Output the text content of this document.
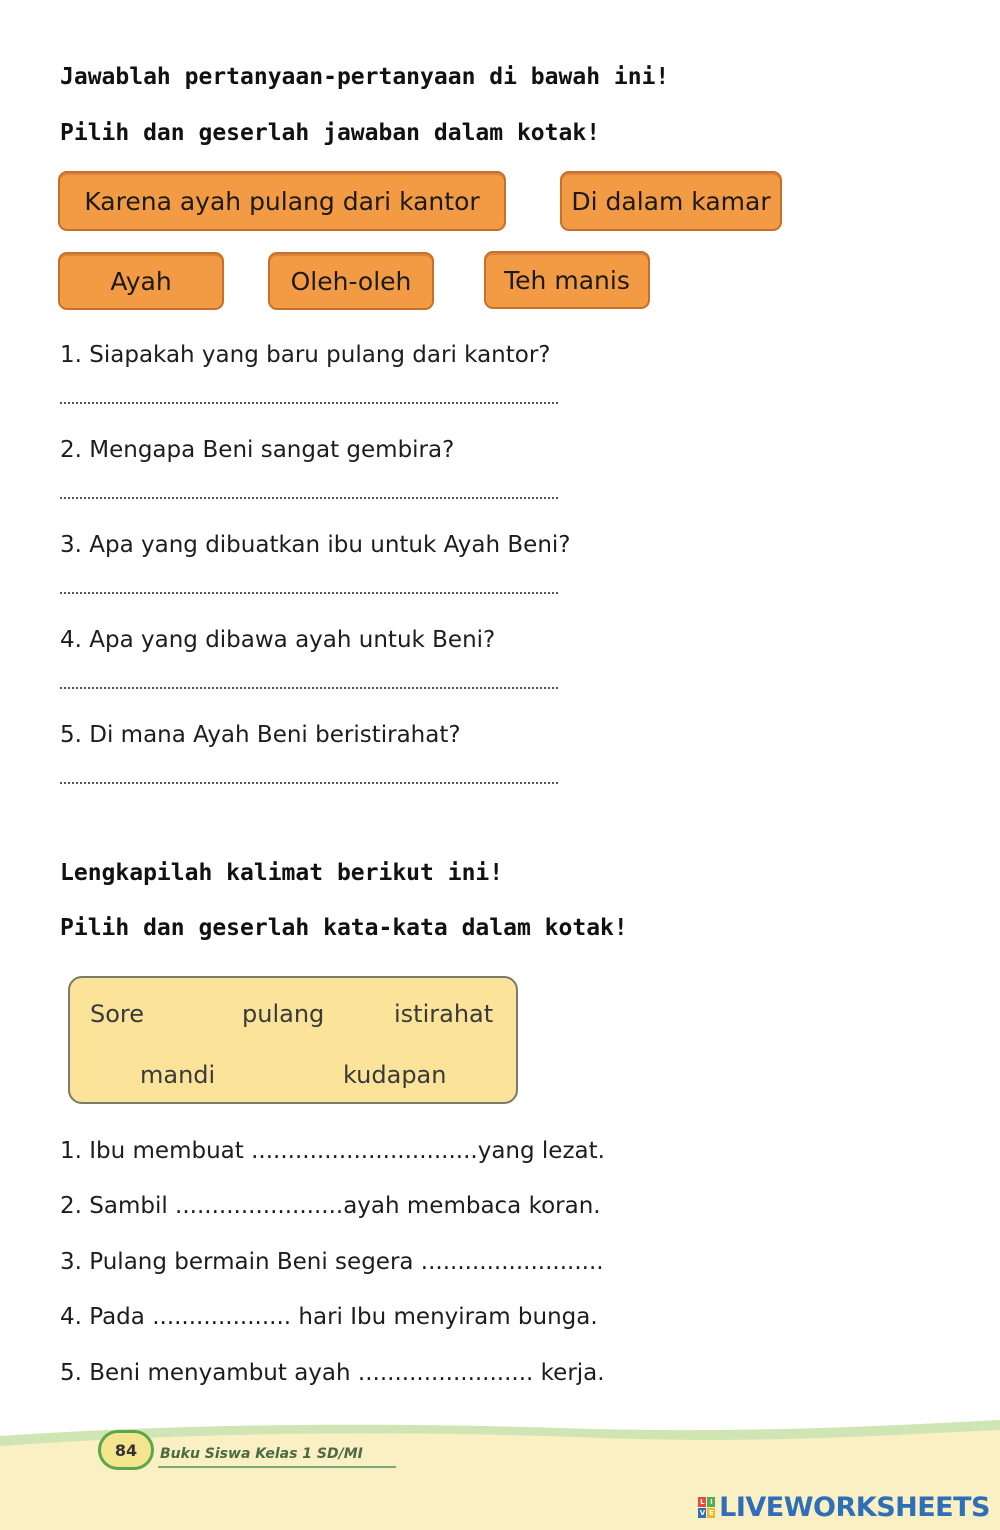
Jawablah pertanyaan-pertanyaan di bawah ini!
Pilih dan geserlah jawaban dalam kotak!
Karena ayah pulang dari kantor	Di dalam kamar
Ayah	Oleh-oleh	Teh manis
1. Siapakah yang baru pulang dari kantor?
2. Mengapa Beni sangat gembira?
3. Apa yang dibuatkan ibu untuk Ayah Beni?
4. Apa yang dibawa ayah untuk Beni?
5. Di mana Ayah Beni beristirahat?
Lengkapilah kalimat berikut ini!
Pilih dan geserlah kata-kata dalam kotak!
Sore	pulang	istirahat
mandi	kudapan
1. Ibu membuat ...............................yang lezat.
2. Sambil .......................ayah membaca koran.
3. Pulang bermain Beni segera .........................
4. Pada ................... hari Ibu menyiram bunga.
5. Beni menyambut ayah ........................ kerja.
84	Buku Siswa Kelas 1 SD/MI
L I
V E LIVEWORKSHEETS
